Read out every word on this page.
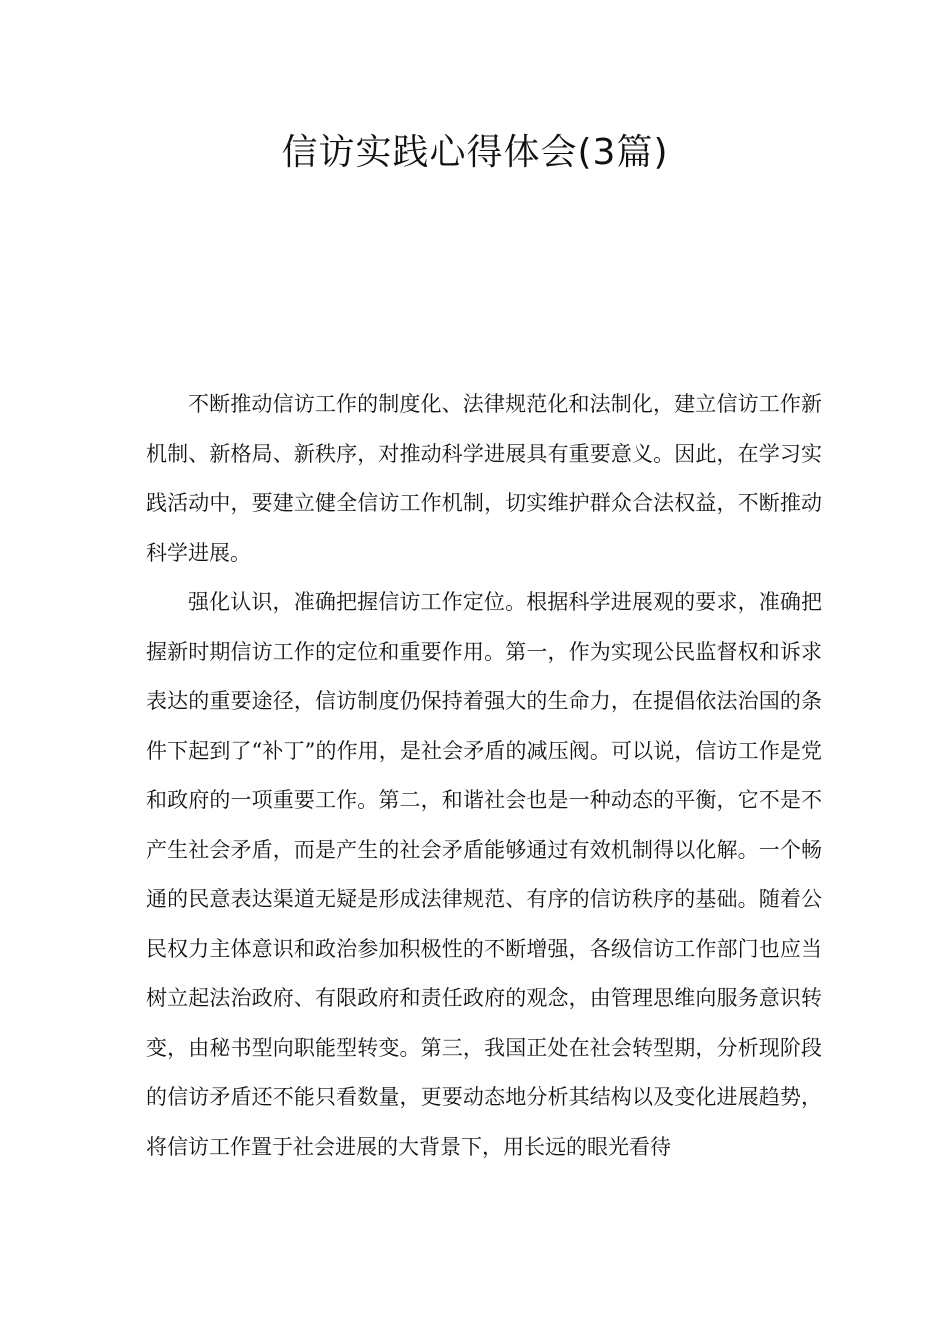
信访实践心得体会(3篇)

不断推动信访工作的制度化、法律规范化和法制化，建立信访工作新机制、新格局、新秩序，对推动科学进展具有重要意义。因此，在学习实践活动中，要建立健全信访工作机制，切实维护群众合法权益，不断推动科学进展。

强化认识，准确把握信访工作定位。根据科学进展观的要求，准确把握新时期信访工作的定位和重要作用。第一，作为实现公民监督权和诉求表达的重要途径，信访制度仍保持着强大的生命力，在提倡依法治国的条件下起到了“补丁”的作用，是社会矛盾的减压阀。可以说，信访工作是党和政府的一项重要工作。第二，和谐社会也是一种动态的平衡，它不是不产生社会矛盾，而是产生的社会矛盾能够通过有效机制得以化解。一个畅通的民意表达渠道无疑是形成法律规范、有序的信访秩序的基础。随着公民权力主体意识和政治参加积极性的不断增强，各级信访工作部门也应当树立起法治政府、有限政府和责任政府的观念，由管理思维向服务意识转变，由秘书型向职能型转变。第三，我国正处在社会转型期，分析现阶段的信访矛盾还不能只看数量，更要动态地分析其结构以及变化进展趋势，将信访工作置于社会进展的大背景下，用长远的眼光看待
